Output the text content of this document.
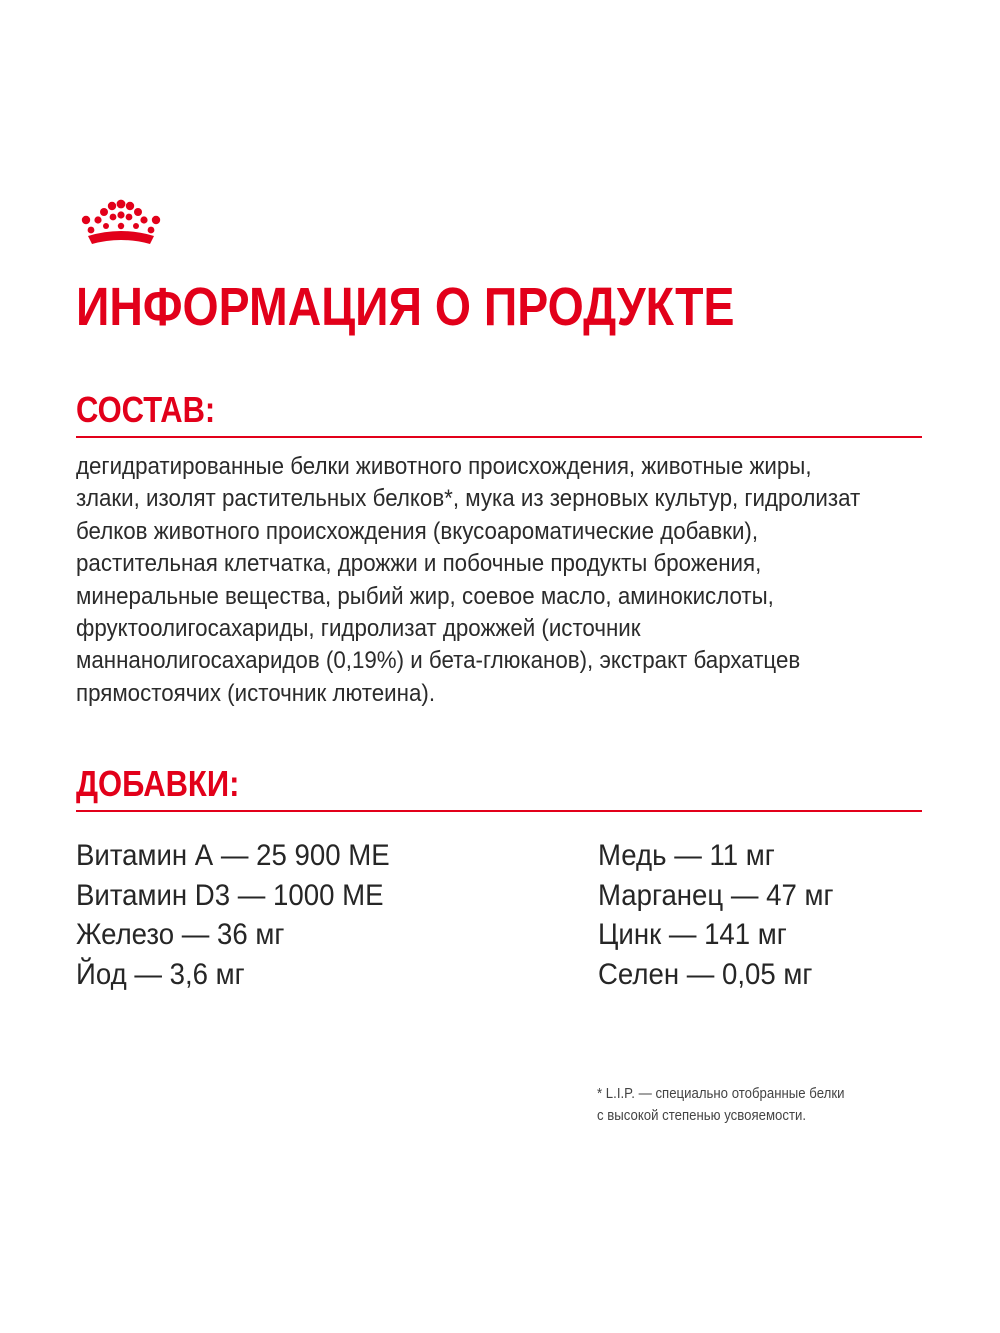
ИНФОРМАЦИЯ О ПРОДУКТЕ
СОСТАВ:

дегидратированные белки животного происхождения, животные жиры, злаки, изолят растительных белков*, мука из зерновых культур, гидролизат белков животного происхождения (вкусоароматические добавки), растительная клетчатка, дрожжи и побочные продукты брожения, минеральные вещества, рыбий жир, соевое масло, аминокислоты, фруктоолигосахариды, гидролизат дрожжей (источник маннанолигосахаридов (0,19%) и бета-глюканов), экстракт бархатцев прямостоячих (источник лютеина).

ДОБАВКИ:
Витамин А — 25 900 МЕ
Витамин D3 — 1000 МЕ
Железо — 36 мг
Йод — 3,6 мг
Медь — 11 мг
Марганец — 47 мг
Цинк — 141 мг
Селен — 0,05 мг
* L.I.P. — специально отобранные белки
с высокой степенью усвояемости.
